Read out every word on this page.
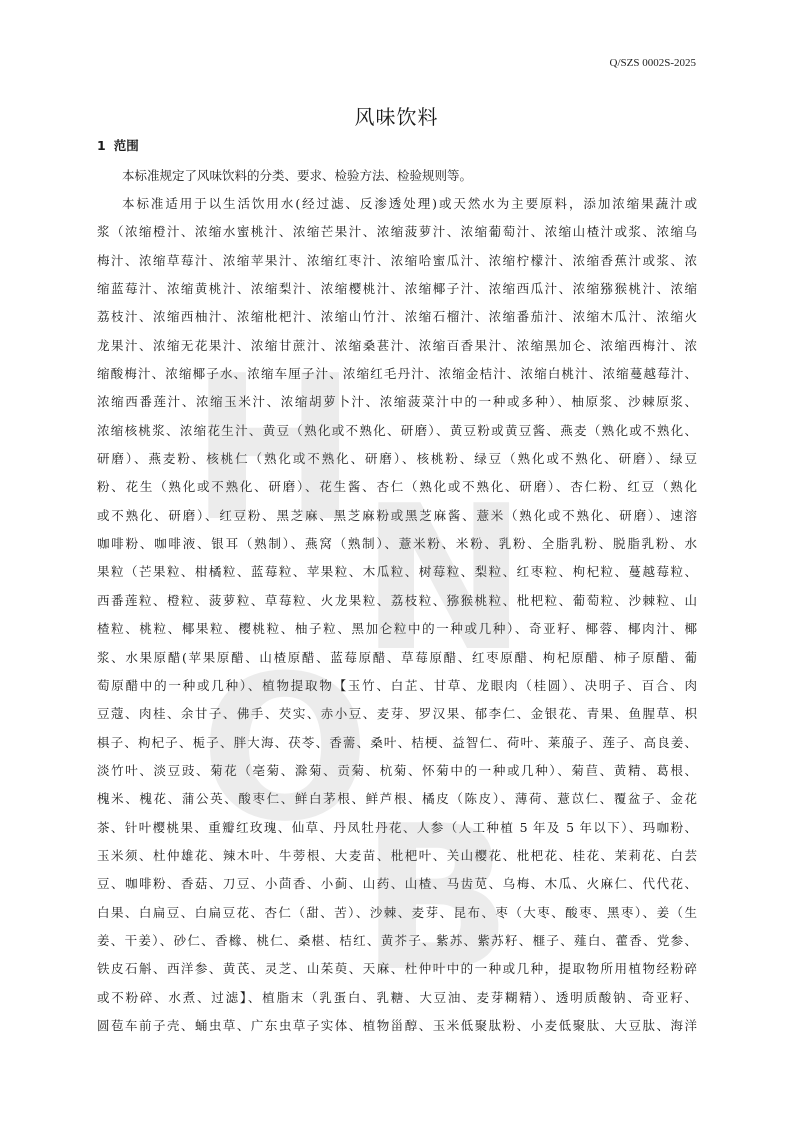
Q/SZS 0002S-2025
风味饮料
1 范围

本标准规定了风味饮料的分类、要求、检验方法、检验规则等。

本标准适用于以生活饮用水(经过滤、反渗透处理)或天然水为主要原料，添加浓缩果蔬汁或
浆（浓缩橙汁、浓缩水蜜桃汁、浓缩芒果汁、浓缩菠萝汁、浓缩葡萄汁、浓缩山楂汁或浆、浓缩乌
梅汁、浓缩草莓汁、浓缩苹果汁、浓缩红枣汁、浓缩哈蜜瓜汁、浓缩柠檬汁、浓缩香蕉汁或浆、浓
缩蓝莓汁、浓缩黄桃汁、浓缩梨汁、浓缩樱桃汁、浓缩椰子汁、浓缩西瓜汁、浓缩猕猴桃汁、浓缩
荔枝汁、浓缩西柚汁、浓缩枇杷汁、浓缩山竹汁、浓缩石榴汁、浓缩番茄汁、浓缩木瓜汁、浓缩火
龙果汁、浓缩无花果汁、浓缩甘蔗汁、浓缩桑葚汁、浓缩百香果汁、浓缩黑加仑、浓缩西梅汁、浓
缩酸梅汁、浓缩椰子水、浓缩车厘子汁、浓缩红毛丹汁、浓缩金桔汁、浓缩白桃汁、浓缩蔓越莓汁、
浓缩西番莲汁、浓缩玉米汁、浓缩胡萝卜汁、浓缩菠菜汁中的一种或多种）、柚原浆、沙棘原浆、
浓缩核桃浆、浓缩花生汁、黄豆（熟化或不熟化、研磨）、黄豆粉或黄豆酱、燕麦（熟化或不熟化、
研磨）、燕麦粉、核桃仁（熟化或不熟化、研磨）、核桃粉、绿豆（熟化或不熟化、研磨）、绿豆
粉、花生（熟化或不熟化、研磨）、花生酱、杏仁（熟化或不熟化、研磨）、杏仁粉、红豆（熟化
或不熟化、研磨）、红豆粉、黑芝麻、黑芝麻粉或黑芝麻酱、薏米（熟化或不熟化、研磨）、速溶
咖啡粉、咖啡液、银耳（熟制）、燕窝（熟制）、薏米粉、米粉、乳粉、全脂乳粉、脱脂乳粉、水
果粒（芒果粒、柑橘粒、蓝莓粒、苹果粒、木瓜粒、树莓粒、梨粒、红枣粒、枸杞粒、蔓越莓粒、
西番莲粒、橙粒、菠萝粒、草莓粒、火龙果粒、荔枝粒、猕猴桃粒、枇杷粒、葡萄粒、沙棘粒、山
楂粒、桃粒、椰果粒、樱桃粒、柚子粒、黑加仑粒中的一种或几种）、奇亚籽、椰蓉、椰肉汁、椰
浆、水果原醋(苹果原醋、山楂原醋、蓝莓原醋、草莓原醋、红枣原醋、枸杞原醋、柿子原醋、葡
萄原醋中的一种或几种）、植物提取物【玉竹、白芷、甘草、龙眼肉（桂圆）、决明子、百合、肉
豆蔻、肉桂、余甘子、佛手、芡实、赤小豆、麦芽、罗汉果、郁李仁、金银花、青果、鱼腥草、枳
椇子、枸杞子、栀子、胖大海、茯苓、香薷、桑叶、桔梗、益智仁、荷叶、莱菔子、莲子、高良姜、
淡竹叶、淡豆豉、菊花（亳菊、滁菊、贡菊、杭菊、怀菊中的一种或几种）、菊苣、黄精、葛根、
槐米、槐花、蒲公英、酸枣仁、鲜白茅根、鲜芦根、橘皮（陈皮）、薄荷、薏苡仁、覆盆子、金花
茶、针叶樱桃果、重瓣红玫瑰、仙草、丹凤牡丹花、人参（人工种植 5 年及 5 年以下）、玛咖粉、
玉米须、杜仲雄花、辣木叶、牛蒡根、大麦苗、枇杷叶、关山樱花、枇杷花、桂花、茉莉花、白芸
豆、咖啡粉、香菇、刀豆、小茴香、小蓟、山药、山楂、马齿苋、乌梅、木瓜、火麻仁、代代花、
白果、白扁豆、白扁豆花、杏仁（甜、苦）、沙棘、麦芽、昆布、枣（大枣、酸枣、黑枣）、姜（生
姜、干姜）、砂仁、香橼、桃仁、桑椹、桔红、黄芥子、紫苏、紫苏籽、榧子、薤白、藿香、党参、
铁皮石斛、西洋参、黄芪、灵芝、山茱萸、天麻、杜仲叶中的一种或几种，提取物所用植物经粉碎
或不粉碎、水煮、过滤】、植脂末（乳蛋白、乳糖、大豆油、麦芽糊精）、透明质酸钠、奇亚籽、
圆苞车前子壳、蛹虫草、广东虫草子实体、植物甾醇、玉米低聚肽粉、小麦低聚肽、大豆肽、海洋
H
N
O
B
